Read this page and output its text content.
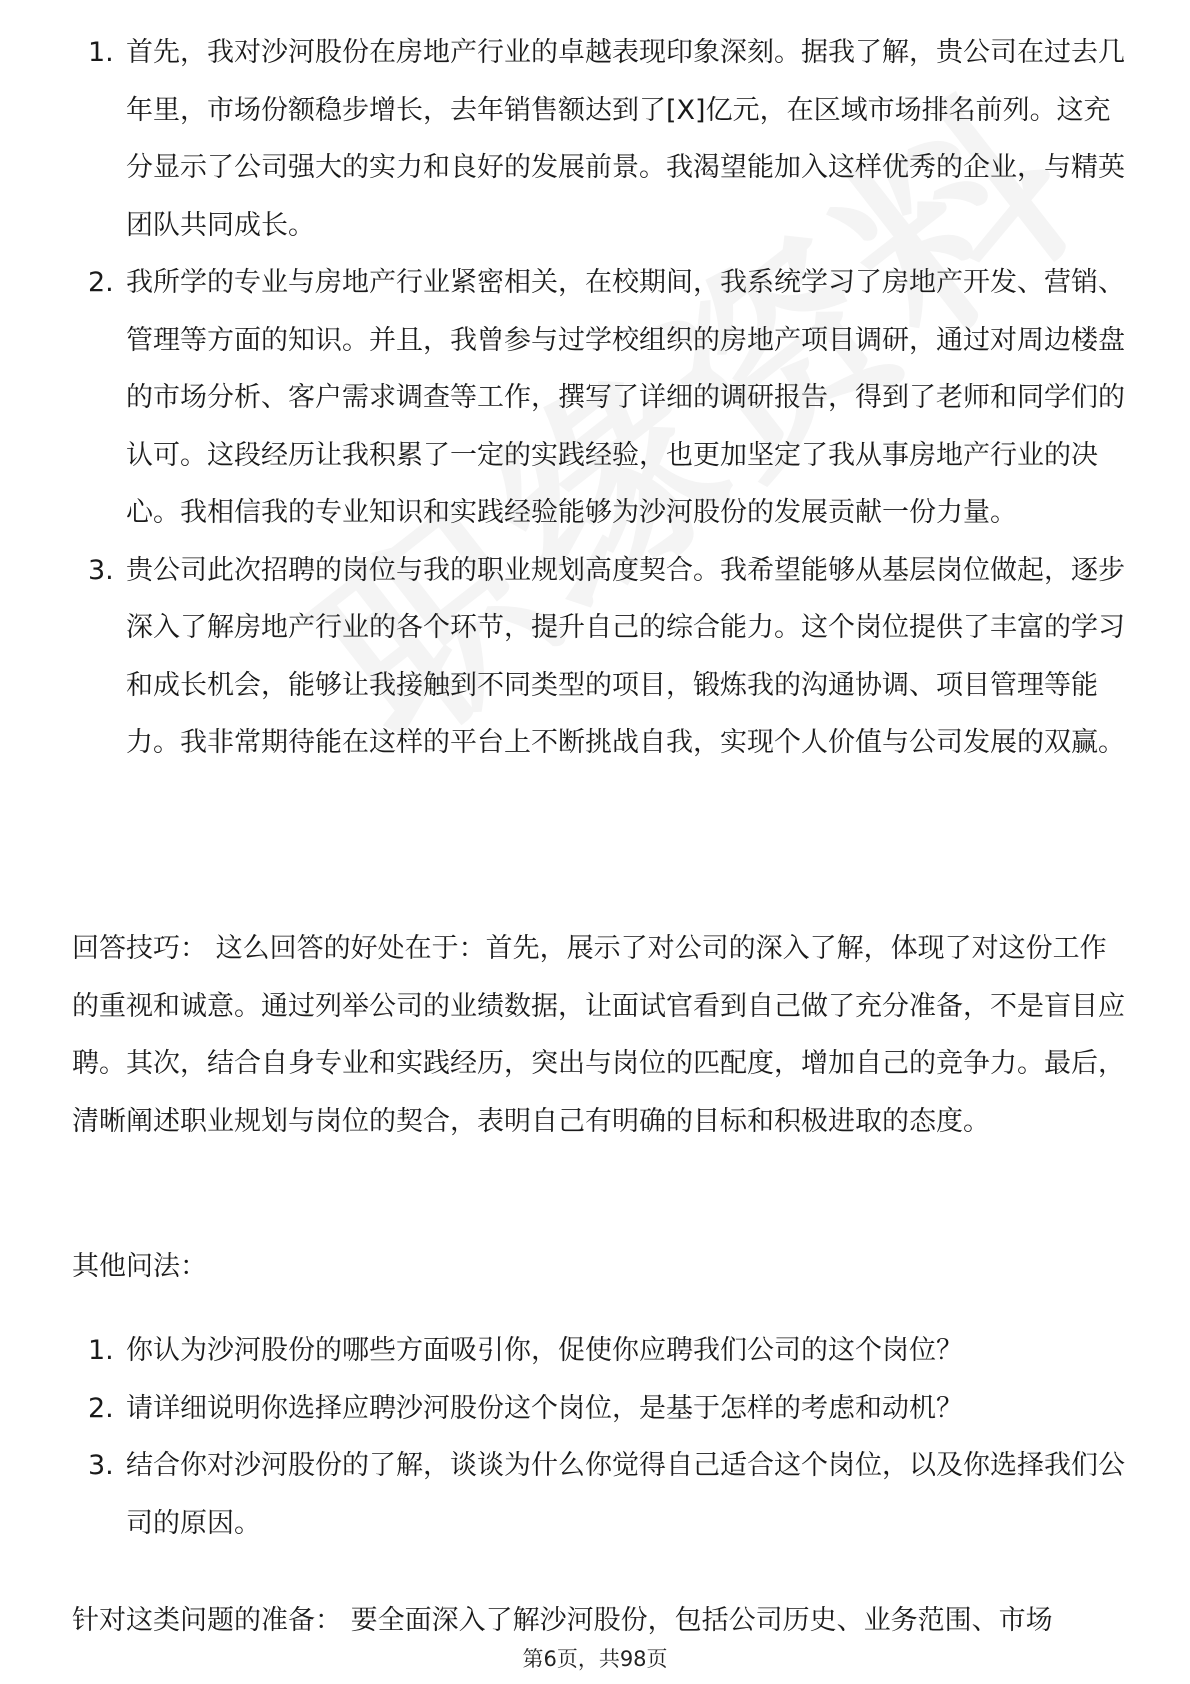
1. 首先，我对沙河股份在房地产行业的卓越表现印象深刻。据我了解，贵公司在过去几年里，市场份额稳步增长，去年销售额达到了[X]亿元，在区域市场排名前列。这充分显示了公司强大的实力和良好的发展前景。我渴望能加入这样优秀的企业，与精英团队共同成长。
2. 我所学的专业与房地产行业紧密相关，在校期间，我系统学习了房地产开发、营销、管理等方面的知识。并且，我曾参与过学校组织的房地产项目调研，通过对周边楼盘的市场分析、客户需求调查等工作，撰写了详细的调研报告，得到了老师和同学们的认可。这段经历让我积累了一定的实践经验，也更加坚定了我从事房地产行业的决心。我相信我的专业知识和实践经验能够为沙河股份的发展贡献一份力量。
3. 贵公司此次招聘的岗位与我的职业规划高度契合。我希望能够从基层岗位做起，逐步深入了解房地产行业的各个环节，提升自己的综合能力。这个岗位提供了丰富的学习和成长机会，能够让我接触到不同类型的项目，锻炼我的沟通协调、项目管理等能力。我非常期待能在这样的平台上不断挑战自我，实现个人价值与公司发展的双赢。

回答技巧： 这么回答的好处在于：首先，展示了对公司的深入了解，体现了对这份工作的重视和诚意。通过列举公司的业绩数据，让面试官看到自己做了充分准备，不是盲目应聘。其次，结合自身专业和实践经历，突出与岗位的匹配度，增加自己的竞争力。最后，清晰阐述职业规划与岗位的契合，表明自己有明确的目标和积极进取的态度。

其他问法：

1. 你认为沙河股份的哪些方面吸引你，促使你应聘我们公司的这个岗位？
2. 请详细说明你选择应聘沙河股份这个岗位，是基于怎样的考虑和动机？
3. 结合你对沙河股份的了解，谈谈为什么你觉得自己适合这个岗位，以及你选择我们公司的原因。

针对这类问题的准备： 要全面深入了解沙河股份，包括公司历史、业务范围、市场

第6页，共98页
